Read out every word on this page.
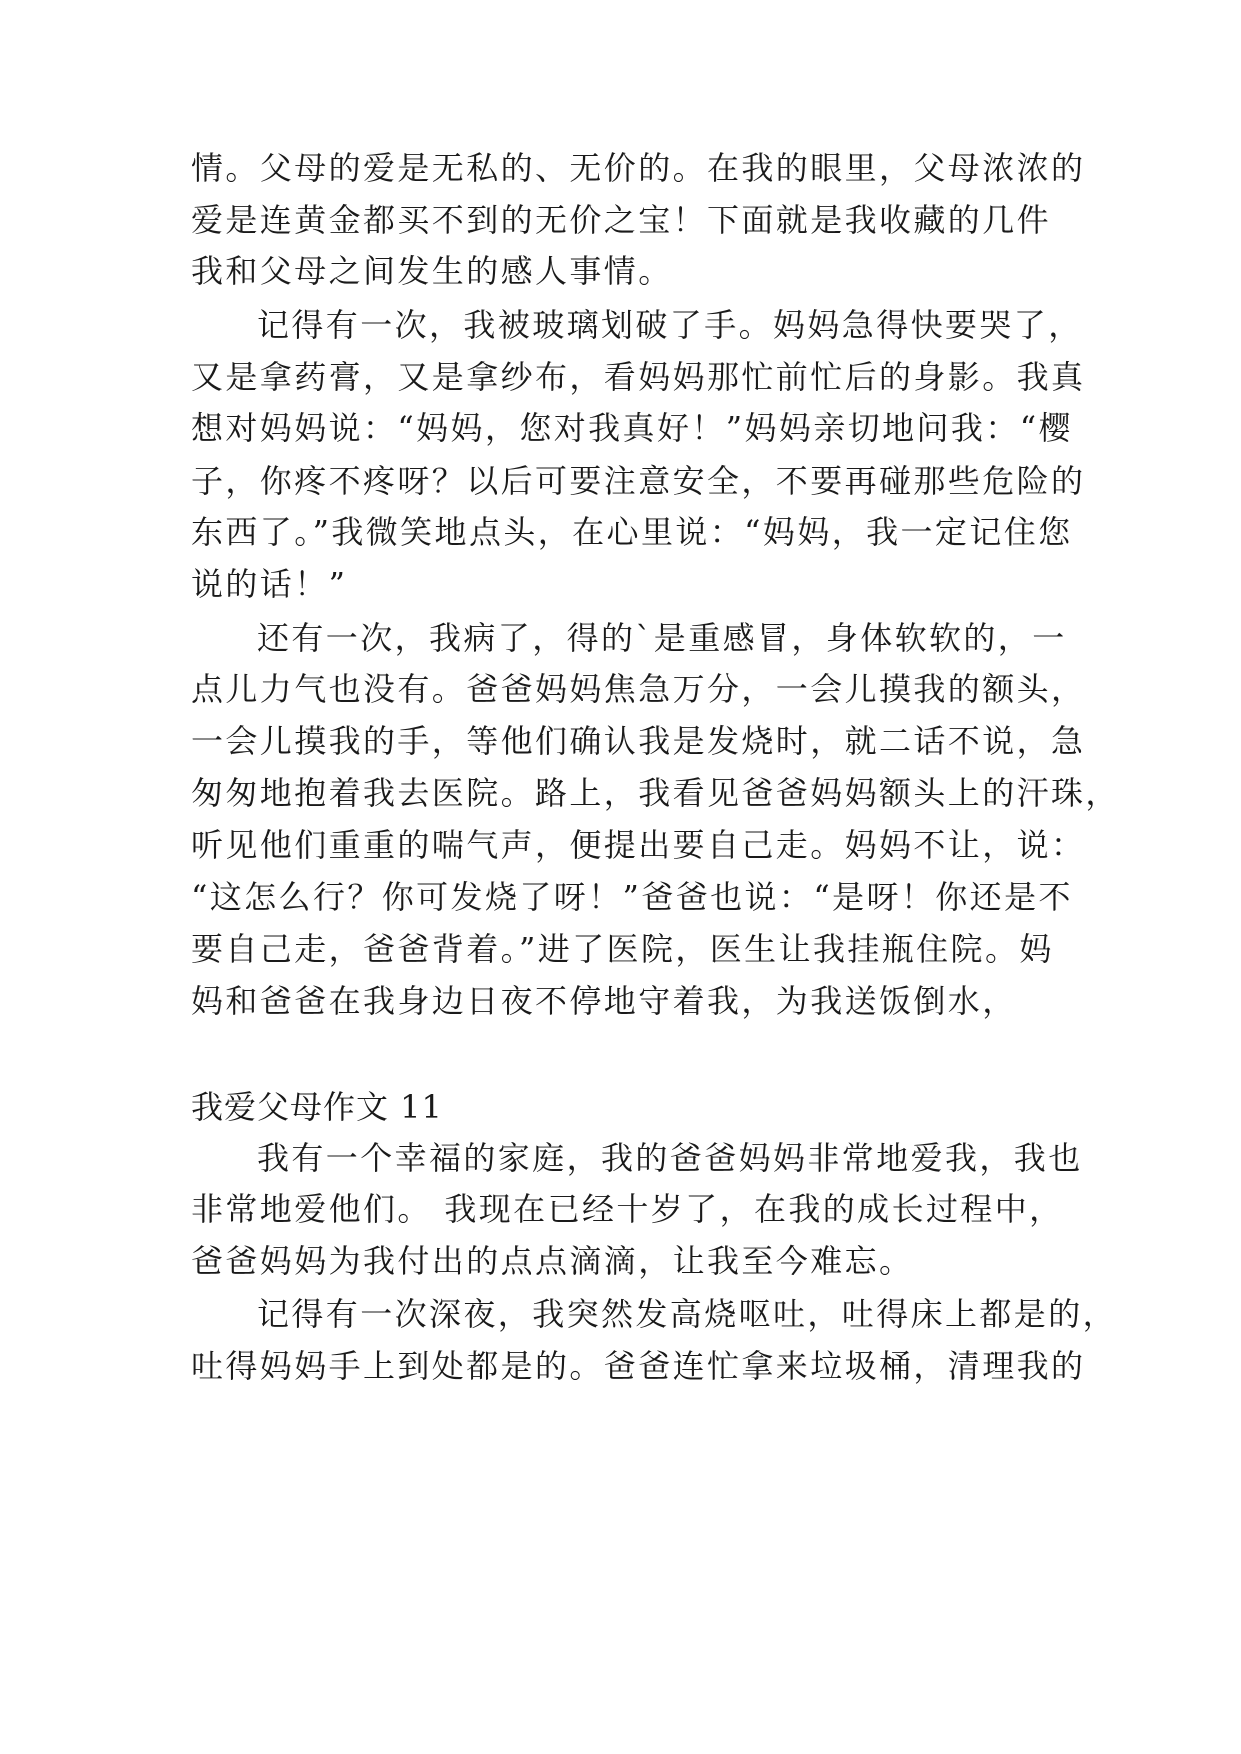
情。父母的爱是无私的、无价的。在我的眼里，父母浓浓的
爱是连黄金都买不到的无价之宝！下面就是我收藏的几件
我和父母之间发生的感人事情。
记得有一次，我被玻璃划破了手。妈妈急得快要哭了，
又是拿药膏，又是拿纱布，看妈妈那忙前忙后的身影。我真
想对妈妈说：“妈妈，您对我真好！”妈妈亲切地问我：“樱
子，你疼不疼呀？以后可要注意安全，不要再碰那些危险的
东西了。”我微笑地点头，在心里说：“妈妈，我一定记住您
说的话！”
还有一次，我病了，得的`是重感冒，身体软软的，一
点儿力气也没有。爸爸妈妈焦急万分，一会儿摸我的额头，
一会儿摸我的手，等他们确认我是发烧时，就二话不说，急
匆匆地抱着我去医院。路上，我看见爸爸妈妈额头上的汗珠，
听见他们重重的喘气声，便提出要自己走。妈妈不让，说：
“这怎么行？你可发烧了呀！”爸爸也说：“是呀！你还是不
要自己走，爸爸背着。”进了医院，医生让我挂瓶住院。妈
妈和爸爸在我身边日夜不停地守着我，为我送饭倒水，
我爱父母作文 11
我有一个幸福的家庭，我的爸爸妈妈非常地爱我，我也
非常地爱他们。 我现在已经十岁了，在我的成长过程中，
爸爸妈妈为我付出的点点滴滴，让我至今难忘。
记得有一次深夜，我突然发高烧呕吐，吐得床上都是的，
吐得妈妈手上到处都是的。爸爸连忙拿来垃圾桶，清理我的
